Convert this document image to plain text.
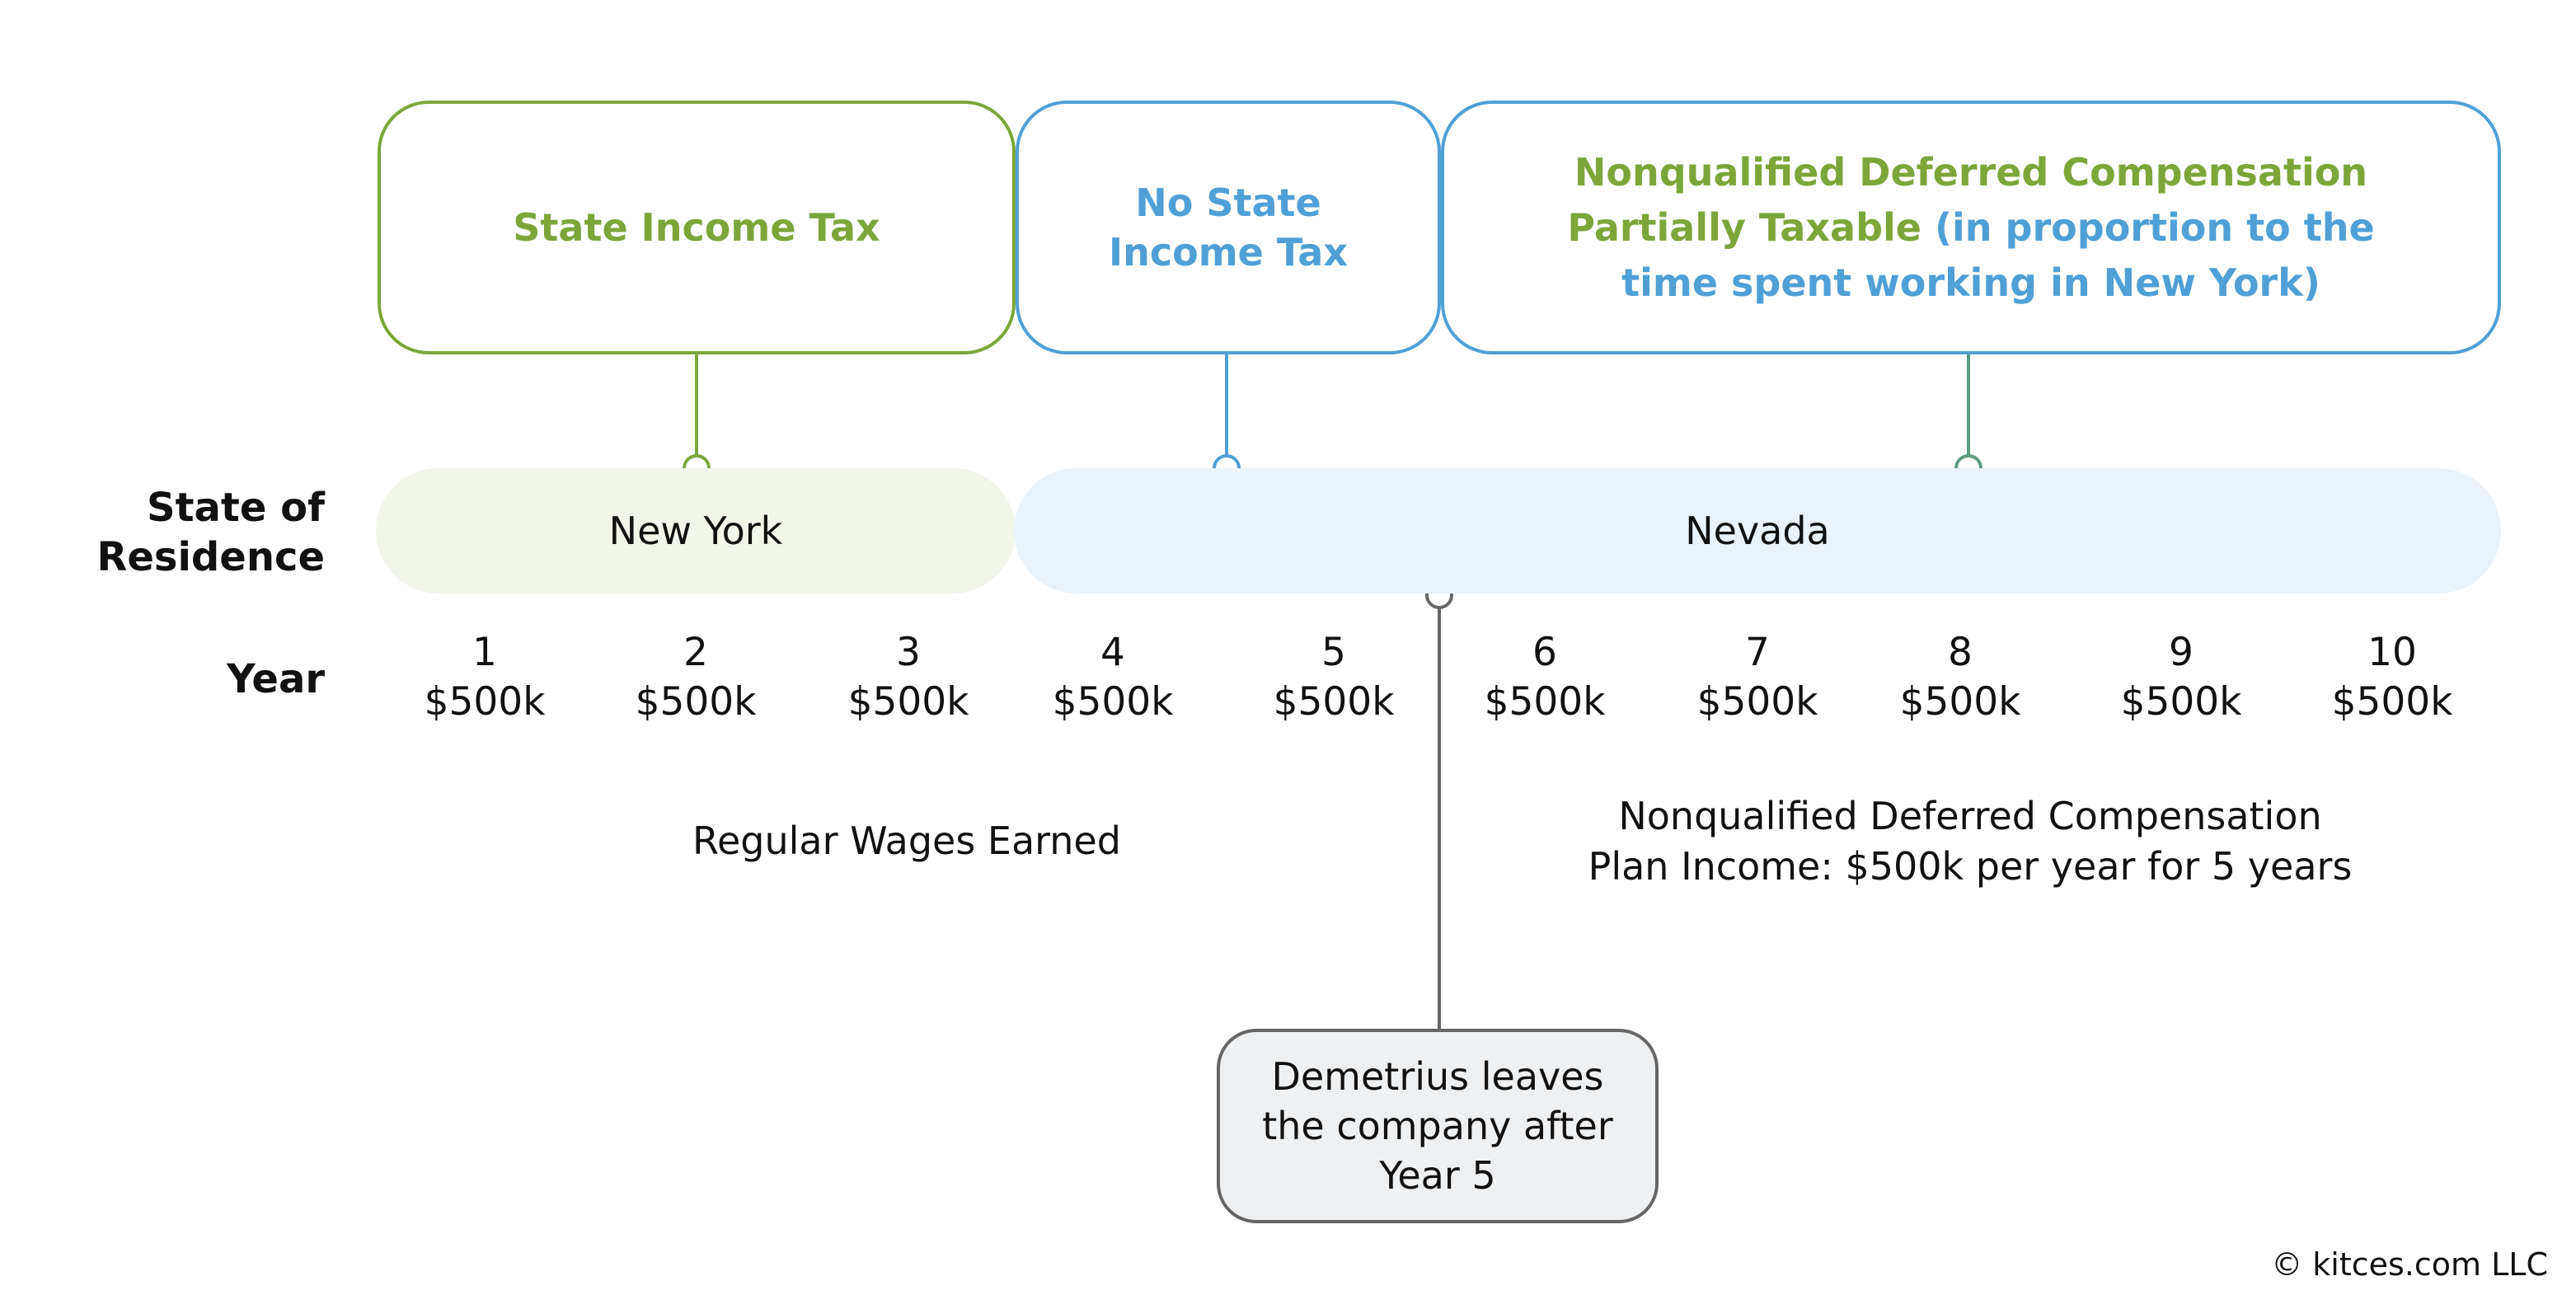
State Income Tax
No State
Income Tax
Nonqualified Deferred Compensation
Partially Taxable (in proportion to the
time spent working in New York)
State of
Residence
Year
New York	Nevada
1
$500k
2
$500k
3
$500k
4
$500k
5
$500k
6
$500k
7
$500k
8
$500k
9
$500k
10
$500k
Regular Wages Earned
Nonqualified Deferred Compensation
Plan Income: $500k per year for 5 years
Demetrius leaves
the company after
Year 5
© kitces.com LLC
